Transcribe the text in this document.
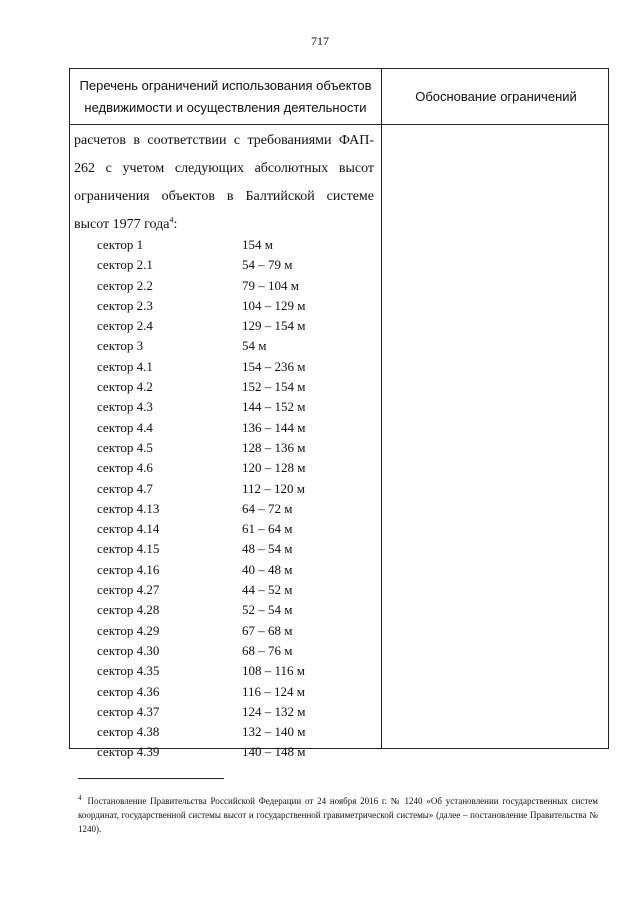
717
Перечень ограничений использования объектов
недвижимости и осуществления деятельности
Обоснование ограничений
расчетов в соответствии с требованиями ФАП-
262 с учетом следующих абсолютных высот
ограничения объектов в Балтийской системе
высот 1977 года$^4$:
сектор 1	154 м
сектор 2.1	54 – 79 м
сектор 2.2	79 – 104 м
сектор 2.3	104 – 129 м
сектор 2.4	129 – 154 м
сектор 3	54 м
сектор 4.1	154 – 236 м
сектор 4.2	152 – 154 м
сектор 4.3	144 – 152 м
сектор 4.4	136 – 144 м
сектор 4.5	128 – 136 м
сектор 4.6	120 – 128 м
сектор 4.7	112 – 120 м
сектор 4.13	64 – 72 м
сектор 4.14	61 – 64 м
сектор 4.15	48 – 54 м
сектор 4.16	40 – 48 м
сектор 4.27	44 – 52 м
сектор 4.28	52 – 54 м
сектор 4.29	67 – 68 м
сектор 4.30	68 – 76 м
сектор 4.35	108 – 116 м
сектор 4.36	116 – 124 м
сектор 4.37	124 – 132 м
сектор 4.38	132 – 140 м
сектор 4.39	140 – 148 м
$^4$ Постановление Правительства Российской Федерации от 24 ноября 2016 г. № 1240 «Об установлении государственных систем координат, государственной системы высот и государственной гравиметрической системы» (далее – постановление Правительства № 1240).
